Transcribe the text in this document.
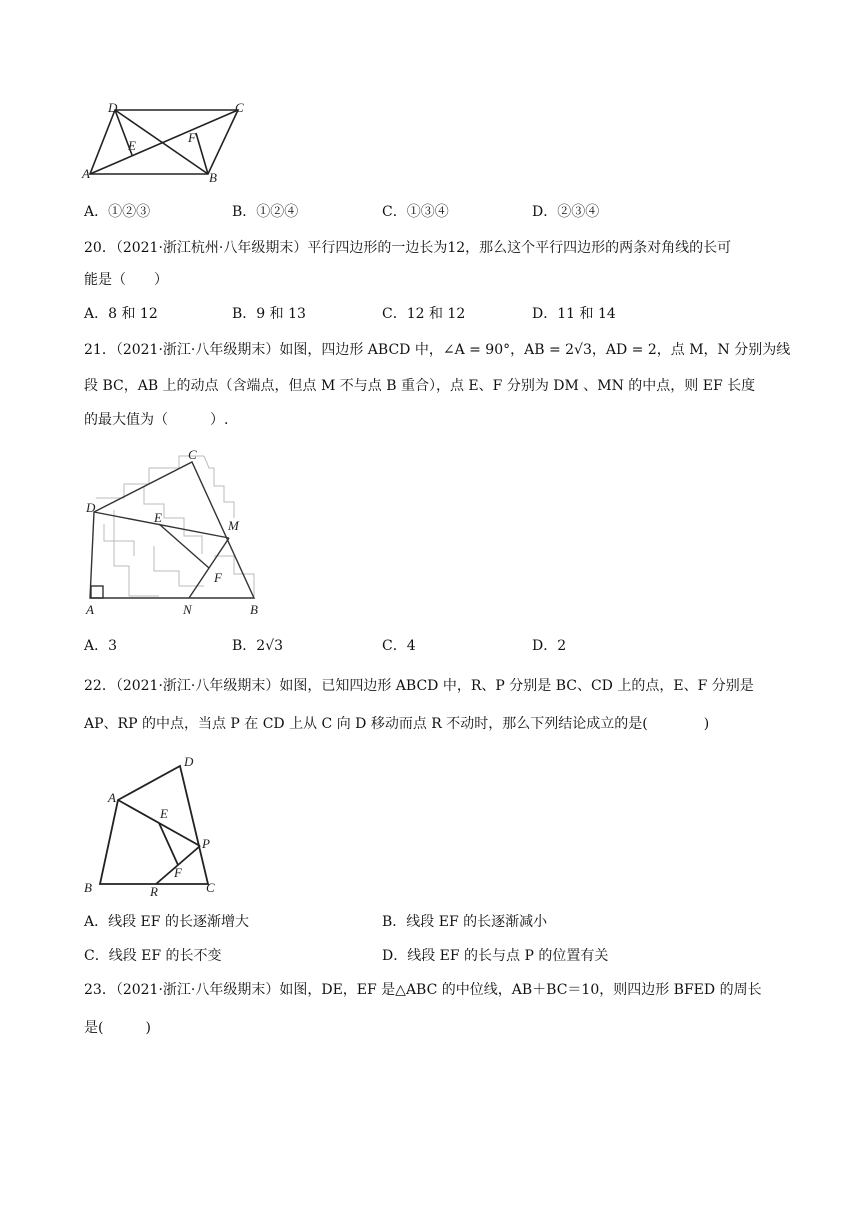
D	C
A	B
E
F
A．①②③	B．①②④	C．①③④	D．②③④
20．（2021·浙江杭州·八年级期末）平行四边形的一边长为12，那么这个平行四边形的两条对角线的长可
能是（　　）
A．8 和 12	B．9 和 13	C．12 和 12	D．11 和 14
21．（2021·浙江·八年级期末）如图，四边形 ABCD 中，∠A = 90°，AB = 2√3，AD = 2，点 M，N 分别为线
段 BC，AB 上的动点（含端点，但点 M 不与点 B 重合），点 E、F 分别为 DM 、MN 的中点，则 EF 长度
的最大值为（　　　）.
C
D
E
M
F
A	N	B
A．3	B．2√3	C．4	D．2
22．（2021·浙江·八年级期末）如图，已知四边形 ABCD 中，R、P 分别是 BC、CD 上的点，E、F 分别是
AP、RP 的中点，当点 P 在 CD 上从 C 向 D 移动而点 R 不动时，那么下列结论成立的是(　　　　)
D
A
E
P
F
B	R	C
A．线段 EF 的长逐渐增大	B．线段 EF 的长逐渐减小
C．线段 EF 的长不变	D．线段 EF 的长与点 P 的位置有关
23．（2021·浙江·八年级期末）如图，DE，EF 是△ABC 的中位线，AB＋BC＝10，则四边形 BFED 的周长
是(　　　)
